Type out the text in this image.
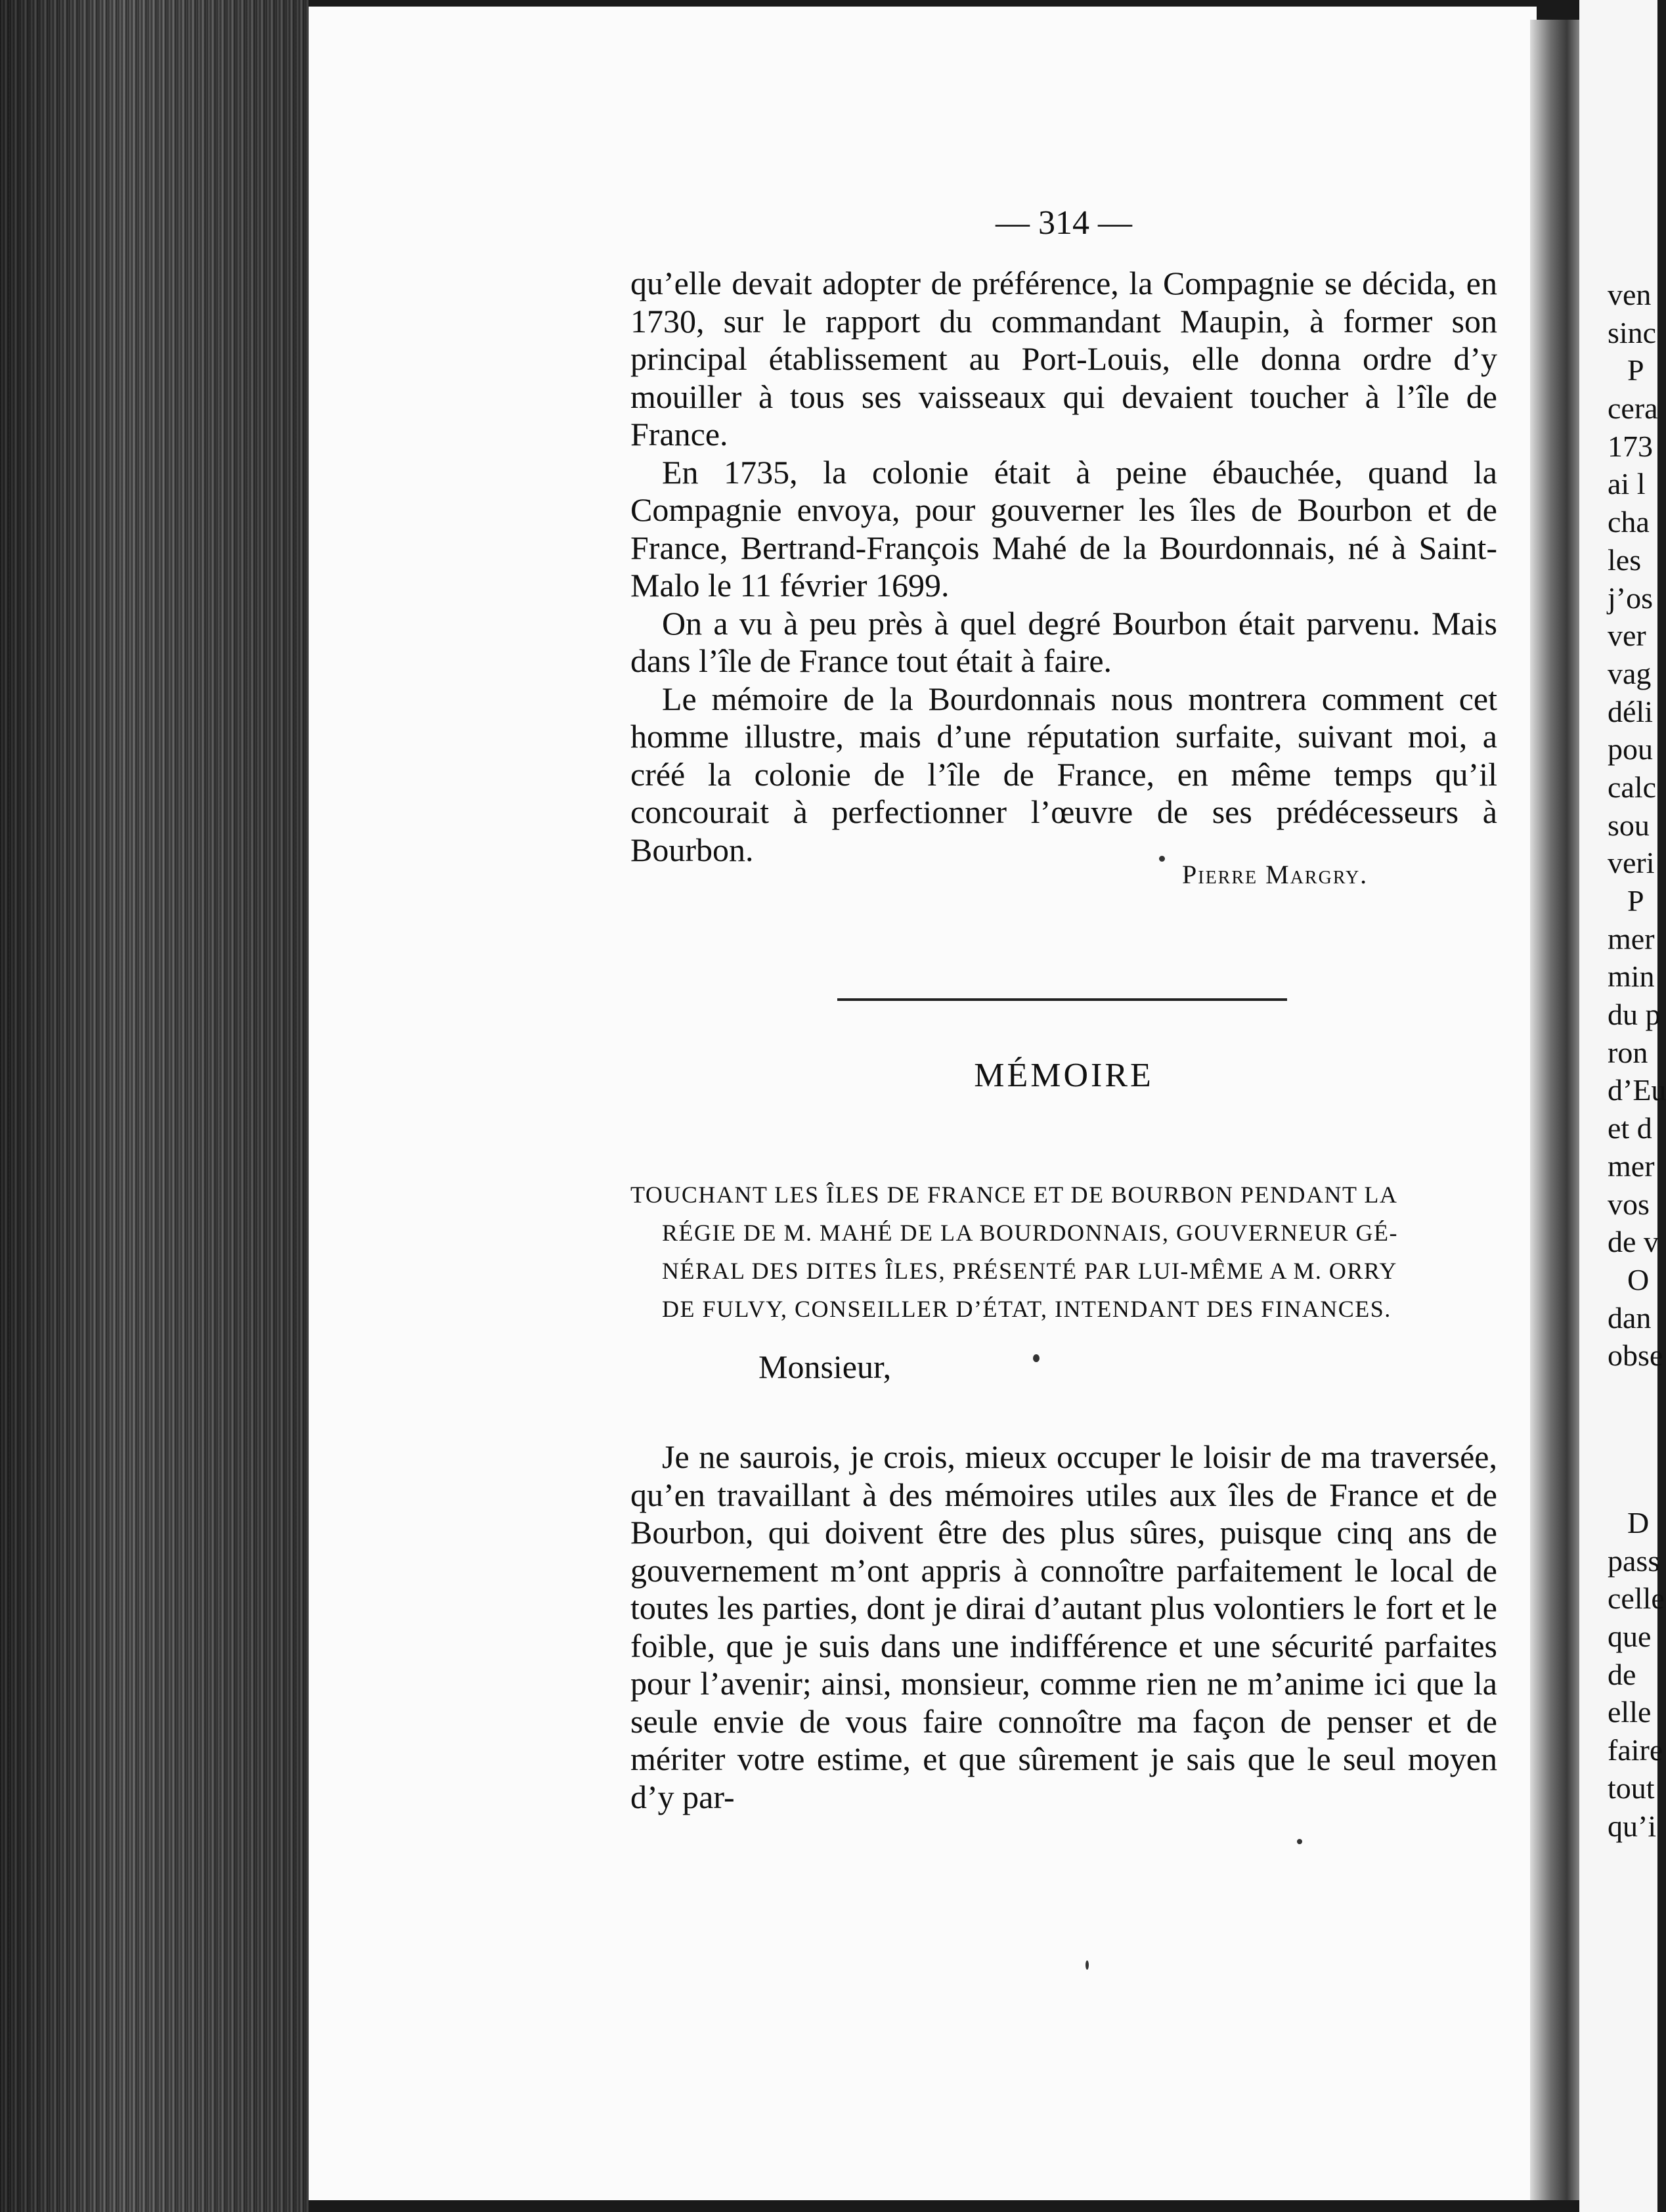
— 314 —

qu’elle devait adopter de préférence, la Compagnie se décida, en 1730, sur le rapport du commandant Maupin, à former son principal établissement au Port-Louis, elle donna ordre d’y mouiller à tous ses vaisseaux qui devaient toucher à l’île de France.

En 1735, la colonie était à peine ébauchée, quand la Compagnie envoya, pour gouverner les îles de Bourbon et de France, Bertrand-François Mahé de la Bourdonnais, né à Saint-Malo le 11 février 1699.

On a vu à peu près à quel degré Bourbon était parvenu. Mais dans l’île de France tout était à faire.

Le mémoire de la Bourdonnais nous montrera comment cet homme illustre, mais d’une réputation surfaite, suivant moi, a créé la colonie de l’île de France, en même temps qu’il concourait à perfectionner l’œuvre de ses prédécesseurs à Bourbon.

Pierre Margry.
MÉMOIRE
TOUCHANT LES ÎLES DE FRANCE ET DE BOURBON PENDANT LA
RÉGIE DE M. MAHÉ DE LA BOURDONNAIS, GOUVERNEUR GÉ-
NÉRAL DES DITES ÎLES, PRÉSENTÉ PAR LUI-MÊME A M. ORRY
DE FULVY, CONSEILLER D’ÉTAT, INTENDANT DES FINANCES.
Monsieur,

Je ne saurois, je crois, mieux occuper le loisir de ma traversée, qu’en travaillant à des mémoires utiles aux îles de France et de Bourbon, qui doivent être des plus sûres, puisque cinq ans de gouvernement m’ont appris à connoître parfaitement le local de toutes les parties, dont je dirai d’autant plus volontiers le fort et le foible, que je suis dans une indifférence et une sécurité parfaites pour l’avenir; ainsi, monsieur, comme rien ne m’anime ici que la seule envie de vous faire connoître ma façon de penser et de mériter votre estime, et que sûrement je sais que le seul moyen d’y par-

ven
sinc
P
cera
173
ai l
cha
les
j’os
ver
vag
déli
pou
calc
sou
veri
P
mer
min
du p
ron
d’Eu
et d
mer
vos
de v
O
dan
obse
D
pass
celle
que
de
elle
faire
tout
qu’i
